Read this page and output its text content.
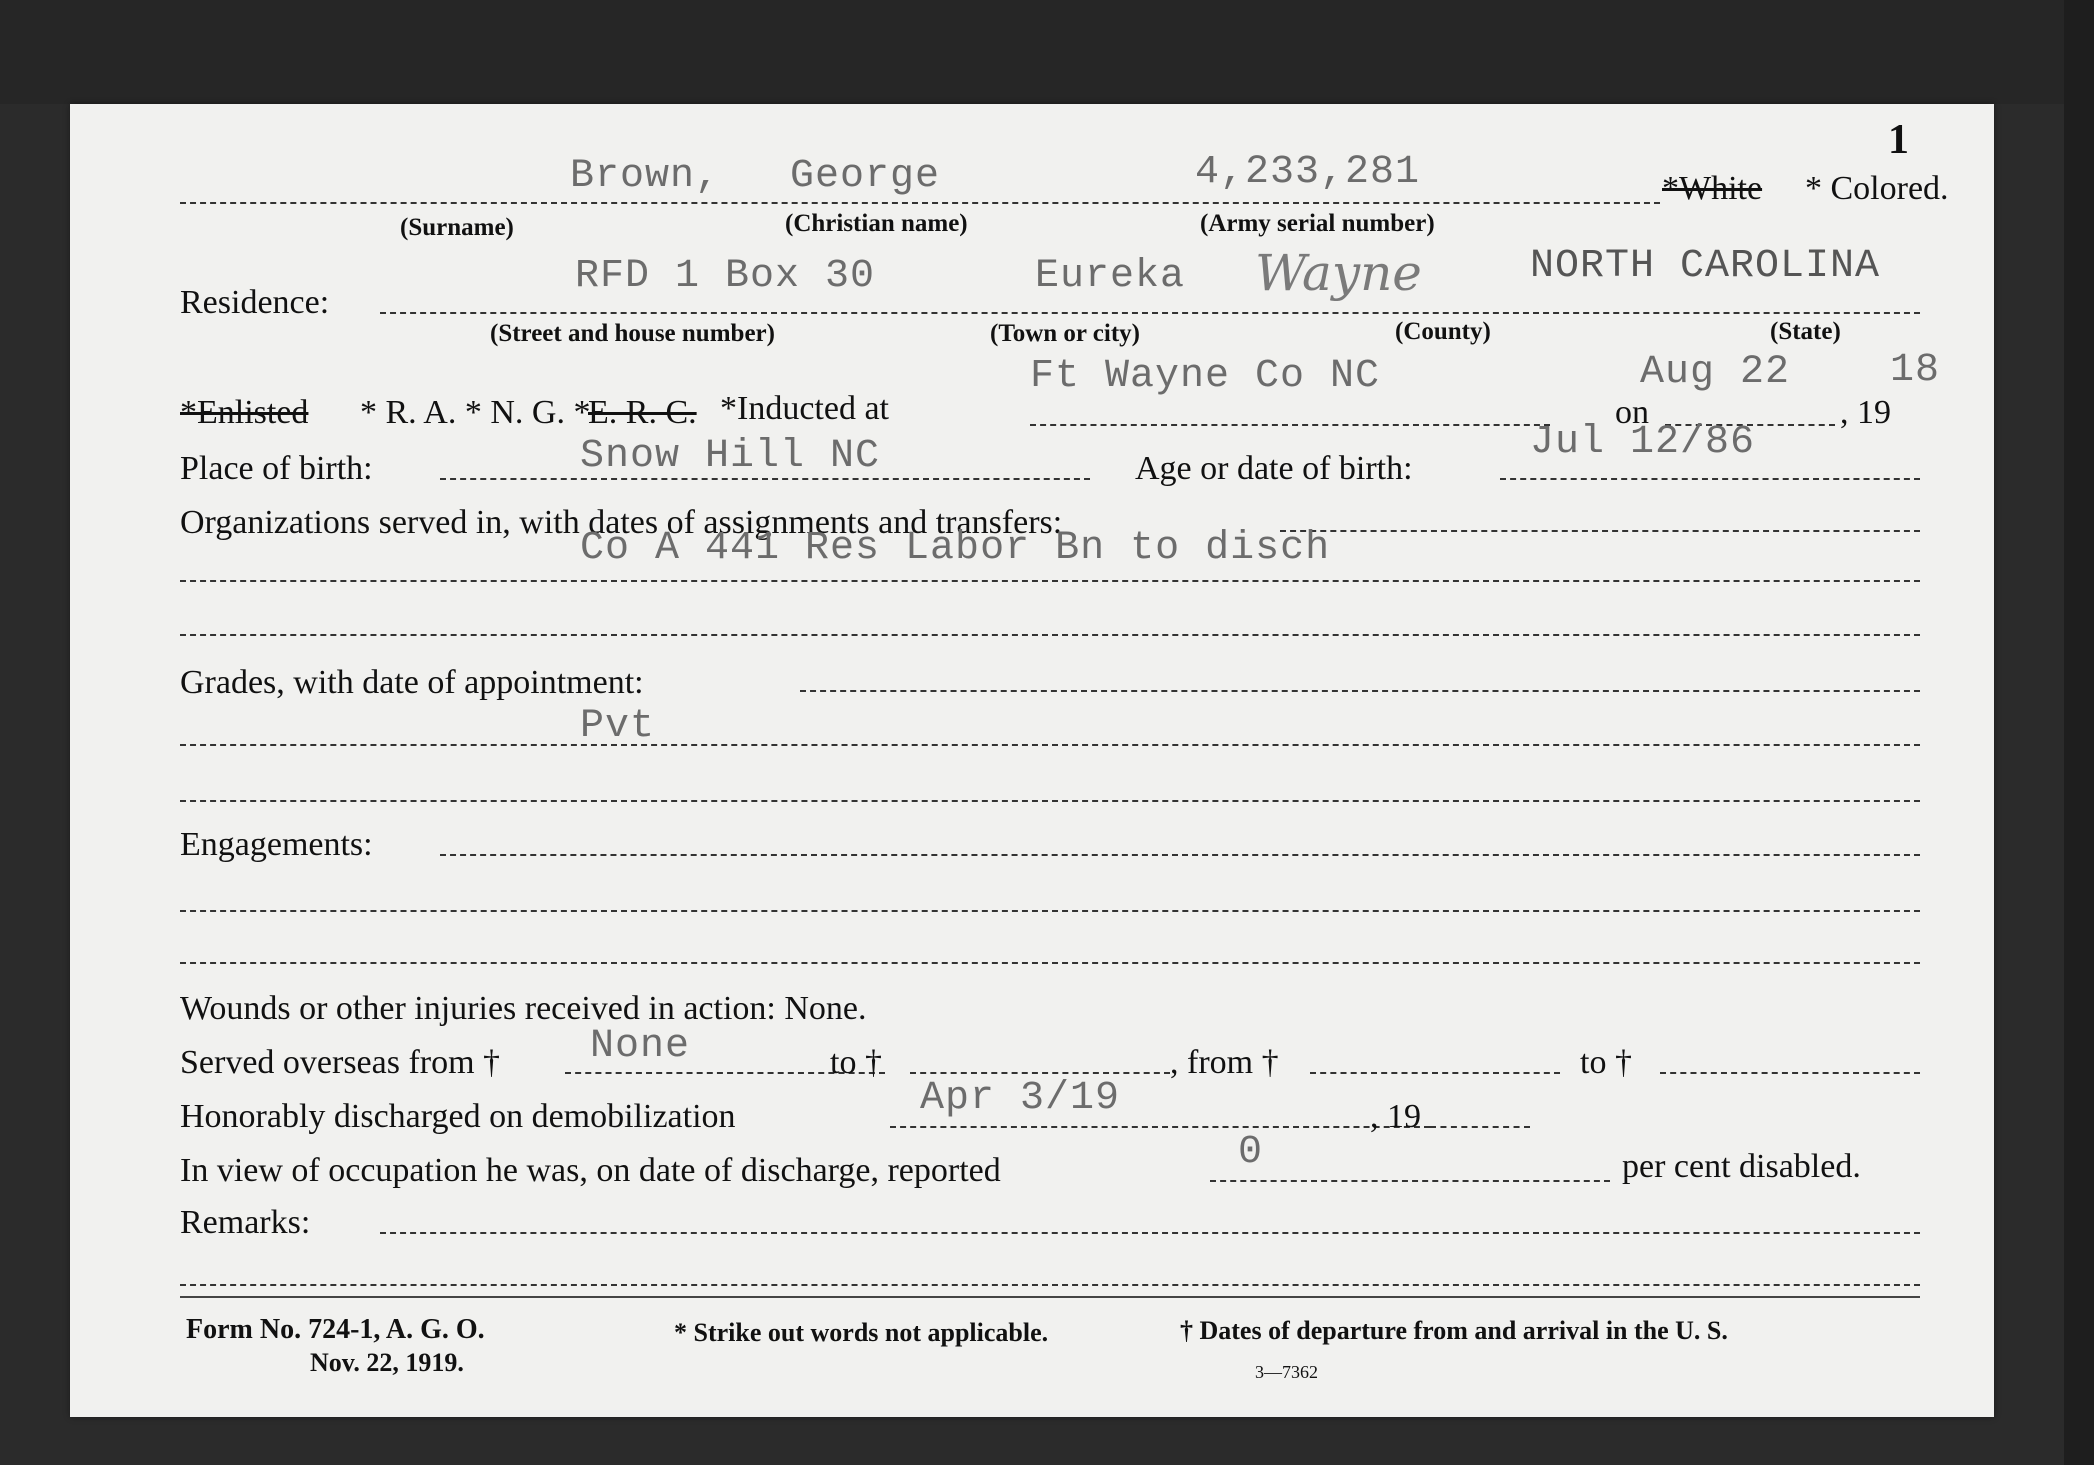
1
Brown, George	4,233,281	*White * Colored.
(Surname)	(Christian name)	(Army serial number)
Residence:
RFD 1 Box 30	Eureka Wayne	NORTH CAROLINA
(Street and house number)	(Town or city)	(County)	(State)
*Enlisted * R. A. * N. G. *
E. R. C. *Inducted at
Ft Wayne Co NC
on
Aug 22
, 19
18
Place of birth:	Snow Hill NC	Age or date of birth:
Jul 12/86
Organizations served in, with dates of assignments and transfers:
Co A 441 Res Labor Bn to disch
Grades, with date of appointment:
Pvt
Engagements:
Wounds or other injuries received in action: None.
Served overseas from † None	to †	, from †	to †
Honorably discharged on demobilization	Apr 3/19	, 19
In view of occupation he was, on date of discharge, reported	0	per cent disabled.
Remarks:
Form No. 724-1, A. G. O.
Nov. 22, 1919.
* Strike out words not applicable.	† Dates of departure from and arrival in the U. S.
3—7362
